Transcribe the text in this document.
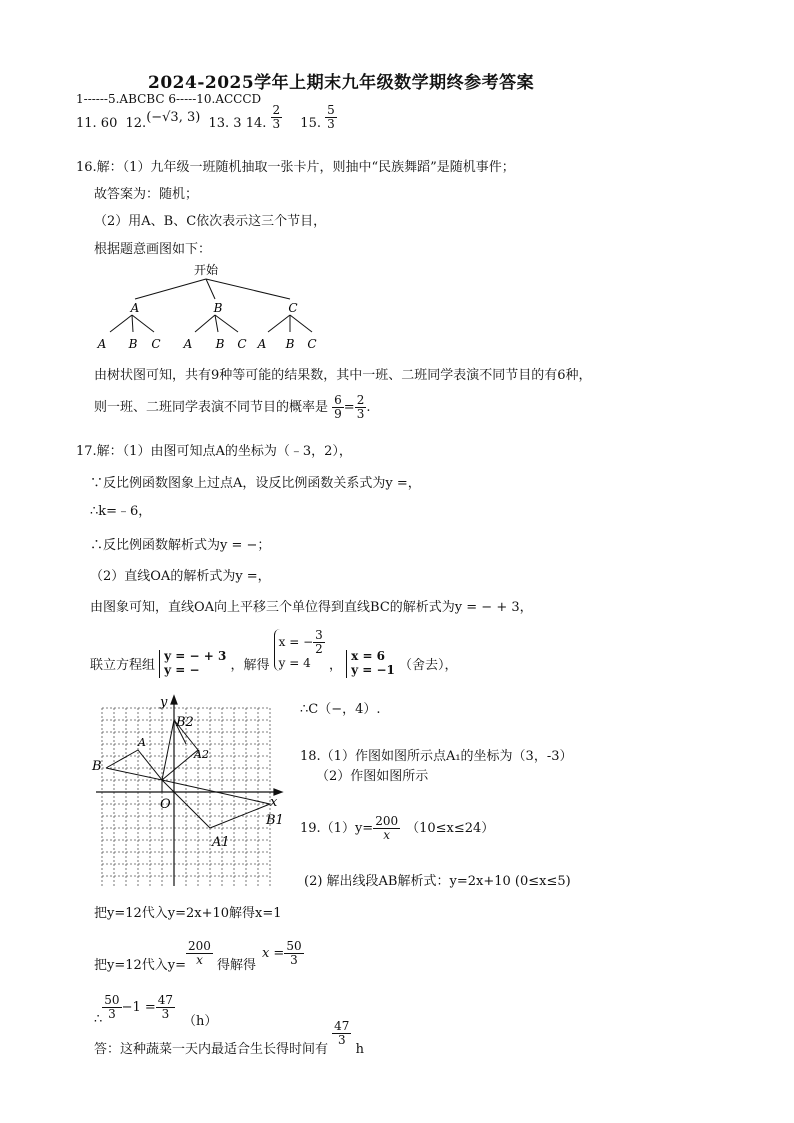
2024-2025学年上期末九年级数学期终参考答案
1------5.ABCBC 6-----10.ACCCD
11. 60 12.(−√3, 3) 13. 3 14. $\frac{2}{3} 15$. $\frac{5}{3}$
16.解：（1）九年级一班随机抽取一张卡片，则抽中“民族舞蹈”是随机事件；
故答案为：随机；
（2）用A、B、C依次表示这三个节目，
根据题意画图如下：
开始
A	B	C
A B C A B C A B C
由树状图可知，共有9种等可能的结果数，其中一班、二班同学表演不同节目的有6种，
则一班、二班同学表演不同节目的概率是 $\frac{6}{9} = \frac{2}{3}$ .
17.解：（1）由图可知点A的坐标为（﹣3，2），
∵反比例函数图象上过点A，设反比例函数关系式为y =，
∴k=﹣6，
∴反比例函数解析式为y = −；
（2）直线OA的解析式为y =，
由图象可知，直线OA向上平移三个单位得到直线BC的解析式为y = − + 3，
联立方程组
y = − + 3
y = −	，解得
x = − $\frac{3}{2}$
y = 4	，
x = 6
y = −1 （舍去），
B
A
B2
A2
O	x
y
B1
A1
∴C（−，4）.
18.（1）作图如图所示点A₁的坐标为（3，-3）
（2）作图如图所示
$19.(1)y= \frac{200}{x} (10\le x\le 24)$
(2) 解出线段AB解析式：y=2x+10 (0≤x≤5)
把y=12代入y=2x+10解得x=1
把y=12代入$y= \frac{200}{x}$ 得解得$x = \frac{50}{3}$
∴ $\frac{50}{3} -1 = \frac{47}{3}$
（h）
答：这种蔬菜一天内最适合生长得时间有
$\frac{47}{3}$
h
